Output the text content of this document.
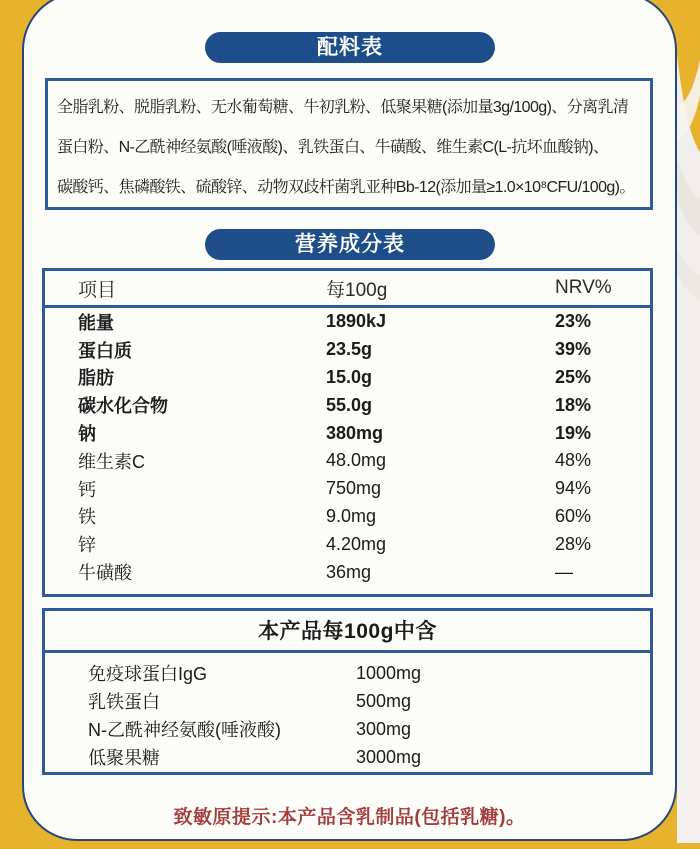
配料表
全脂乳粉、脱脂乳粉、无水葡萄糖、牛初乳粉、低聚果糖(添加量3g/100g)、分离乳清
蛋白粉、N-乙酰神经氨酸(唾液酸)、乳铁蛋白、牛磺酸、维生素C(L-抗坏血酸钠)、
碳酸钙、焦磷酸铁、硫酸锌、动物双歧杆菌乳亚种Bb-12(添加量≥1.0×10⁸CFU/100g)。
营养成分表
项目	每100g	NRV%
能量	1890kJ	23%
蛋白质	23.5g	39%
脂肪	15.0g	25%
碳水化合物	55.0g	18%
钠	380mg	19%
维生素C	48.0mg	48%
钙	750mg	94%
铁	9.0mg	60%
锌	4.20mg	28%
牛磺酸	36mg	—
本产品每100g中含
免疫球蛋白IgG	1000mg
乳铁蛋白	500mg
N-乙酰神经氨酸(唾液酸)	300mg
低聚果糖	3000mg
致敏原提示:本产品含乳制品(包括乳糖)。
